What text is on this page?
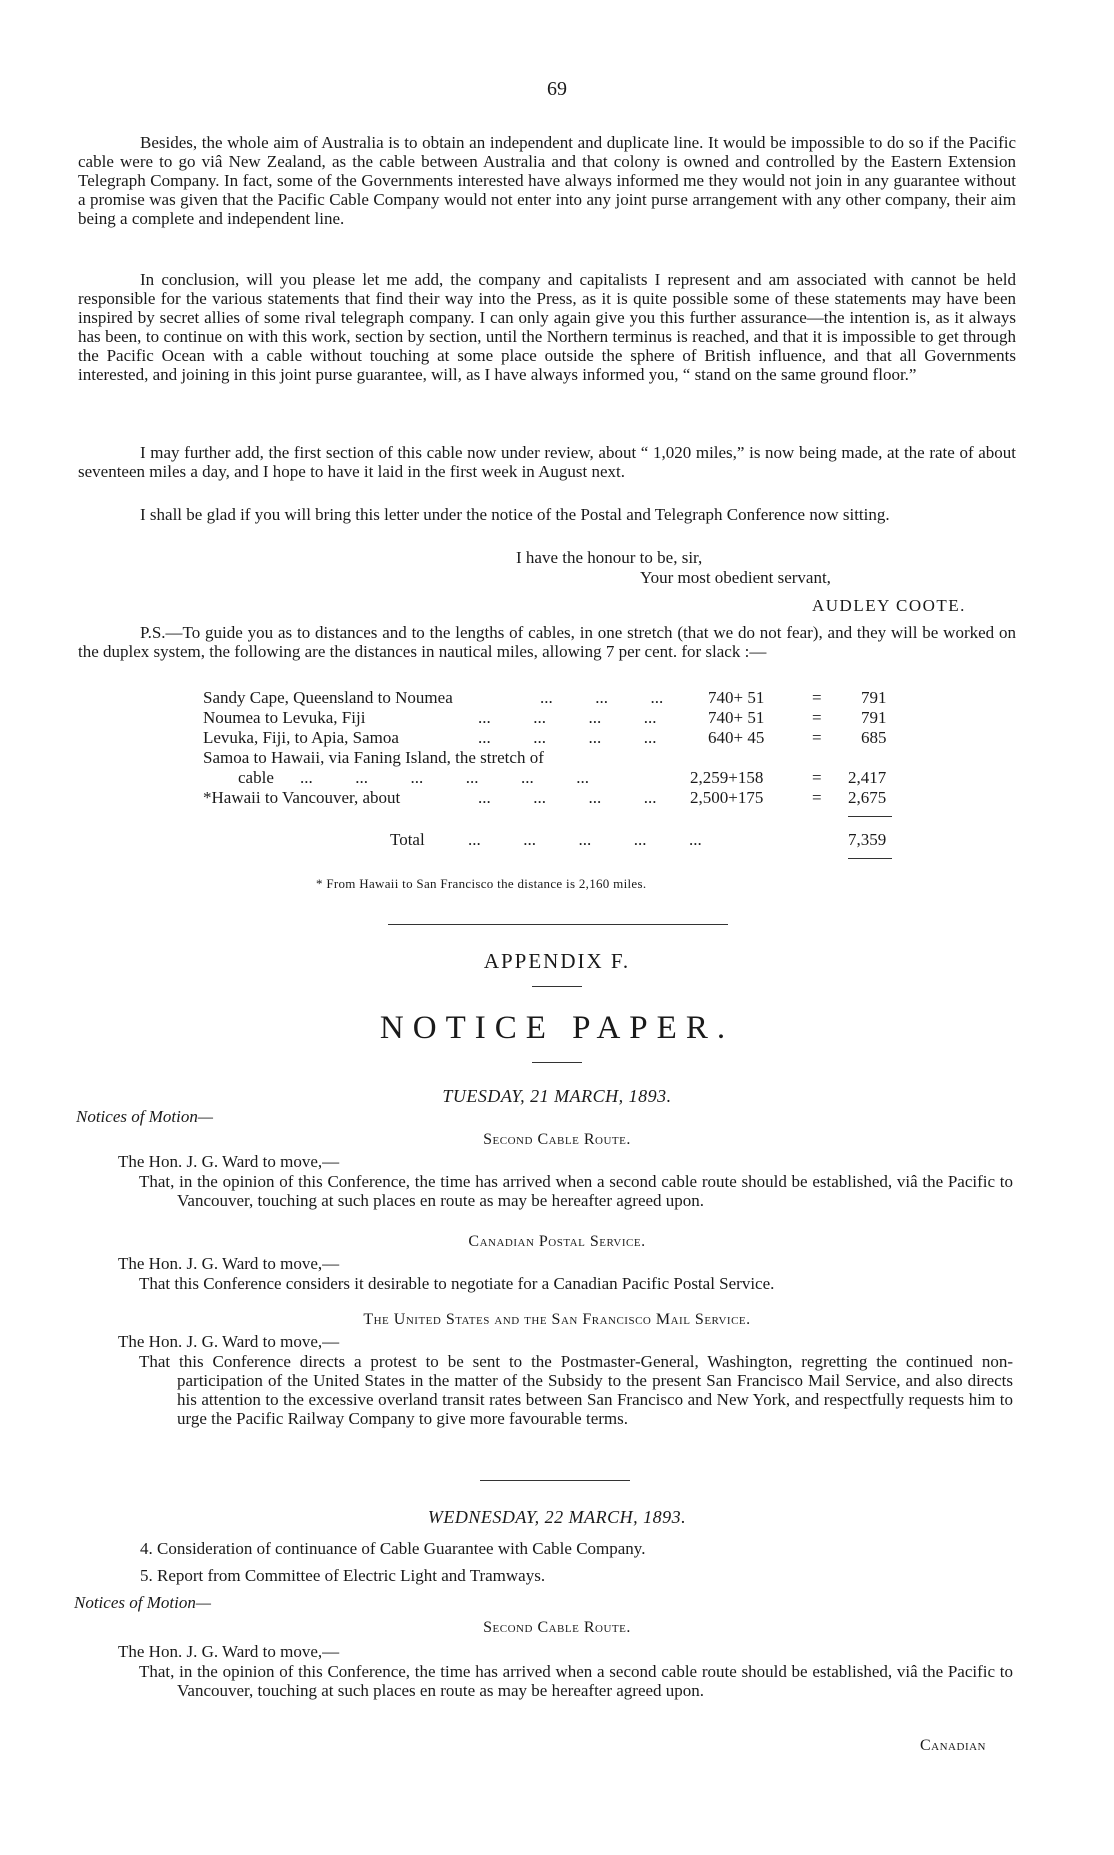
69

Besides, the whole aim of Australia is to obtain an independent and duplicate line. It would be impossible to do so if the Pacific cable were to go viâ New Zealand, as the cable between Australia and that colony is owned and controlled by the Eastern Extension Telegraph Company. In fact, some of the Governments interested have always informed me they would not join in any guarantee without a promise was given that the Pacific Cable Company would not enter into any joint purse arrangement with any other company, their aim being a complete and independent line.

In conclusion, will you please let me add, the company and capitalists I represent and am associated with cannot be held responsible for the various statements that find their way into the Press, as it is quite possible some of these statements may have been inspired by secret allies of some rival telegraph company. I can only again give you this further assurance—the intention is, as it always has been, to continue on with this work, section by section, until the Northern terminus is reached, and that it is impossible to get through the Pacific Ocean with a cable without touching at some place outside the sphere of British influence, and that all Governments interested, and joining in this joint purse guarantee, will, as I have always informed you, “ stand on the same ground floor.”

I may further add, the first section of this cable now under review, about “ 1,020 miles,” is now being made, at the rate of about seventeen miles a day, and I hope to have it laid in the first week in August next.

I shall be glad if you will bring this letter under the notice of the Postal and Telegraph Conference now sitting.

I have the honour to be, sir,
Your most obedient servant,
AUDLEY COOTE.

P.S.—To guide you as to distances and to the lengths of cables, in one stretch (that we do not fear), and they will be worked on the duplex system, the following are the distances in nautical miles, allowing 7 per cent. for slack :—

Sandy Cape, Queensland to Noumea	...          ...          ...	740+ 51	= 791
Noumea to Levuka, Fiji	...          ...          ...          ...	740+ 51	= 791
Levuka, Fiji, to Apia, Samoa	...          ...          ...          ...	640+ 45	= 685
Samoa to Hawaii, via Faning Island, the stretch of
cable ...          ...          ...          ...          ...          ...	2,259+158	= 2,417
*Hawaii to Vancouver, about	...          ...          ...          ... 2,500+175	= 2,675
Total	...          ...          ...          ...          ...	7,359
* From Hawaii to San Francisco the distance is 2,160 miles.
APPENDIX F.
NOTICE PAPER.
TUESDAY, 21 MARCH, 1893.
Notices of Motion—
Second Cable Route.
The Hon. J. G. Ward to move,—

That, in the opinion of this Conference, the time has arrived when a second cable route should be established, viâ the Pacific to Vancouver, touching at such places en route as may be hereafter agreed upon.

Canadian Postal Service.
The Hon. J. G. Ward to move,—

That this Conference considers it desirable to negotiate for a Canadian Pacific Postal Service.

The United States and the San Francisco Mail Service.
The Hon. J. G. Ward to move,—

That this Conference directs a protest to be sent to the Postmaster-General, Washington, regretting the continued non-participation of the United States in the matter of the Subsidy to the present San Francisco Mail Service, and also directs his attention to the excessive overland transit rates between San Francisco and New York, and respectfully requests him to urge the Pacific Railway Company to give more favourable terms.

WEDNESDAY, 22 MARCH, 1893.
4. Consideration of continuance of Cable Guarantee with Cable Company.
5. Report from Committee of Electric Light and Tramways.
Notices of Motion—
Second Cable Route.
The Hon. J. G. Ward to move,—

That, in the opinion of this Conference, the time has arrived when a second cable route should be established, viâ the Pacific to Vancouver, touching at such places en route as may be hereafter agreed upon.

Canadian
